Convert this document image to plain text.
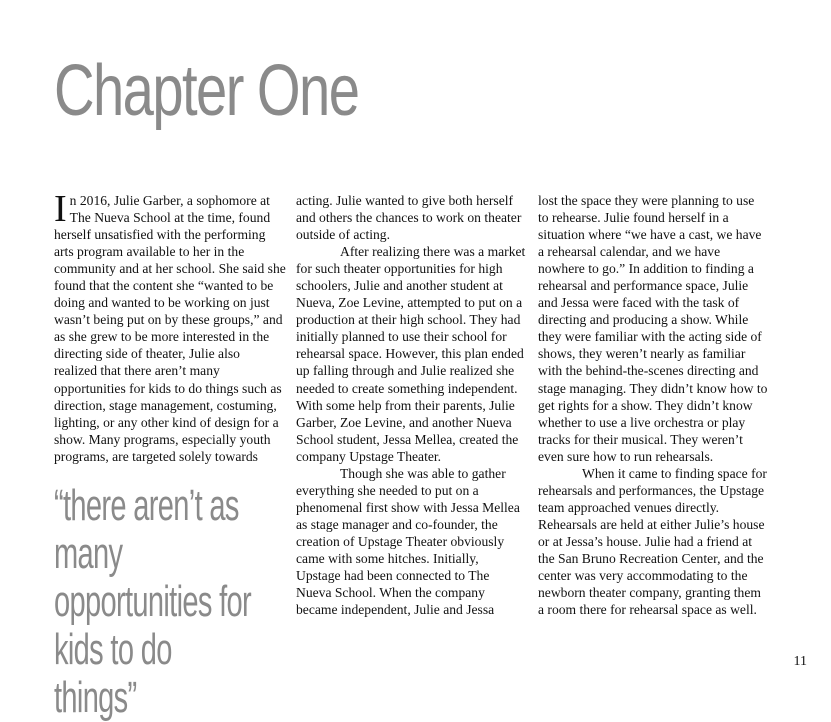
Chapter One

In 2016, Julie Garber, a sophomore at The Nueva School at the time, found herself unsatisfied with the performing arts program available to her in the community and at her school. She said she found that the content she “wanted to be doing and wanted to be working on just wasn’t being put on by these groups,” and as she grew to be more interested in the directing side of theater, Julie also realized that there aren’t many opportunities for kids to do things such as direction, stage management, costuming, lighting, or any other kind of design for a show. Many programs, especially youth programs, are targeted solely towards

acting. Julie wanted to give both herself and others the chances to work on theater outside of acting.

After realizing there was a market for such theater opportunities for high schoolers, Julie and another student at Nueva, Zoe Levine, attempted to put on a production at their high school. They had initially planned to use their school for rehearsal space. However, this plan ended up falling through and Julie realized she needed to create something independent. With some help from their parents, Julie Garber, Zoe Levine, and another Nueva School student, Jessa Mellea, created the company Upstage Theater.

Though she was able to gather everything she needed to put on a phenomenal first show with Jessa Mellea as stage manager and co-founder, the creation of Upstage Theater obviously came with some hitches. Initially, Upstage had been connected to The Nueva School. When the company became independent, Julie and Jessa

lost the space they were planning to use to rehearse. Julie found herself in a situation where “we have a cast, we have a rehearsal calendar, and we have nowhere to go.” In addition to finding a rehearsal and performance space, Julie and Jessa were faced with the task of directing and producing a show. While they were familiar with the acting side of shows, they weren’t nearly as familiar with the behind-the-scenes directing and stage managing. They didn’t know how to get rights for a show. They didn’t know whether to use a live orchestra or play tracks for their musical. They weren’t even sure how to run rehearsals.

When it came to finding space for rehearsals and performances, the Upstage team approached venues directly. Rehearsals are held at either Julie’s house or at Jessa’s house. Julie had a friend at the San Bruno Recreation Center, and the center was very accommodating to the newborn theater company, granting them a room there for rehearsal space as well.

“there aren’t as many opportunities for kids to do things”

11
